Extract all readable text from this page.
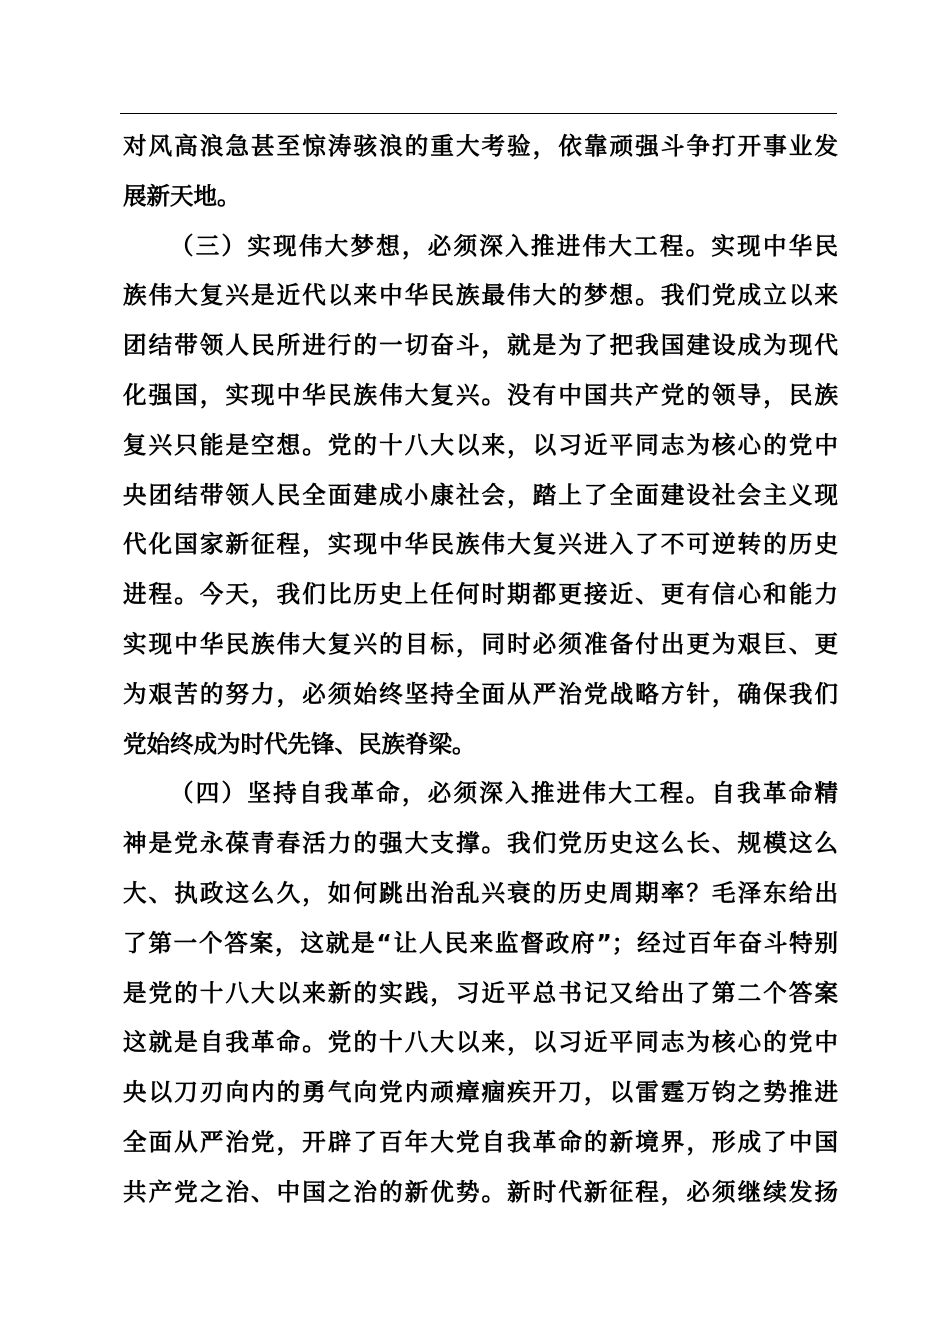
对风高浪急甚至惊涛骇浪的重大考验，依靠顽强斗争打开事业发
展新天地。
（三）实现伟大梦想，必须深入推进伟大工程。实现中华民
族伟大复兴是近代以来中华民族最伟大的梦想。我们党成立以来
团结带领人民所进行的一切奋斗，就是为了把我国建设成为现代
化强国，实现中华民族伟大复兴。没有中国共产党的领导，民族
复兴只能是空想。党的十八大以来，以习近平同志为核心的党中
央团结带领人民全面建成小康社会，踏上了全面建设社会主义现
代化国家新征程，实现中华民族伟大复兴进入了不可逆转的历史
进程。今天，我们比历史上任何时期都更接近、更有信心和能力
实现中华民族伟大复兴的目标，同时必须准备付出更为艰巨、更
为艰苦的努力，必须始终坚持全面从严治党战略方针，确保我们
党始终成为时代先锋、民族脊梁。
（四）坚持自我革命，必须深入推进伟大工程。自我革命精
神是党永葆青春活力的强大支撑。我们党历史这么长、规模这么
大、执政这么久，如何跳出治乱兴衰的历史周期率？毛泽东给出
了第一个答案，这就是“让人民来监督政府”；经过百年奋斗特别
是党的十八大以来新的实践，习近平总书记又给出了第二个答案
这就是自我革命。党的十八大以来，以习近平同志为核心的党中
央以刀刃向内的勇气向党内顽瘴痼疾开刀，以雷霆万钧之势推进
全面从严治党，开辟了百年大党自我革命的新境界，形成了中国
共产党之治、中国之治的新优势。新时代新征程，必须继续发扬
